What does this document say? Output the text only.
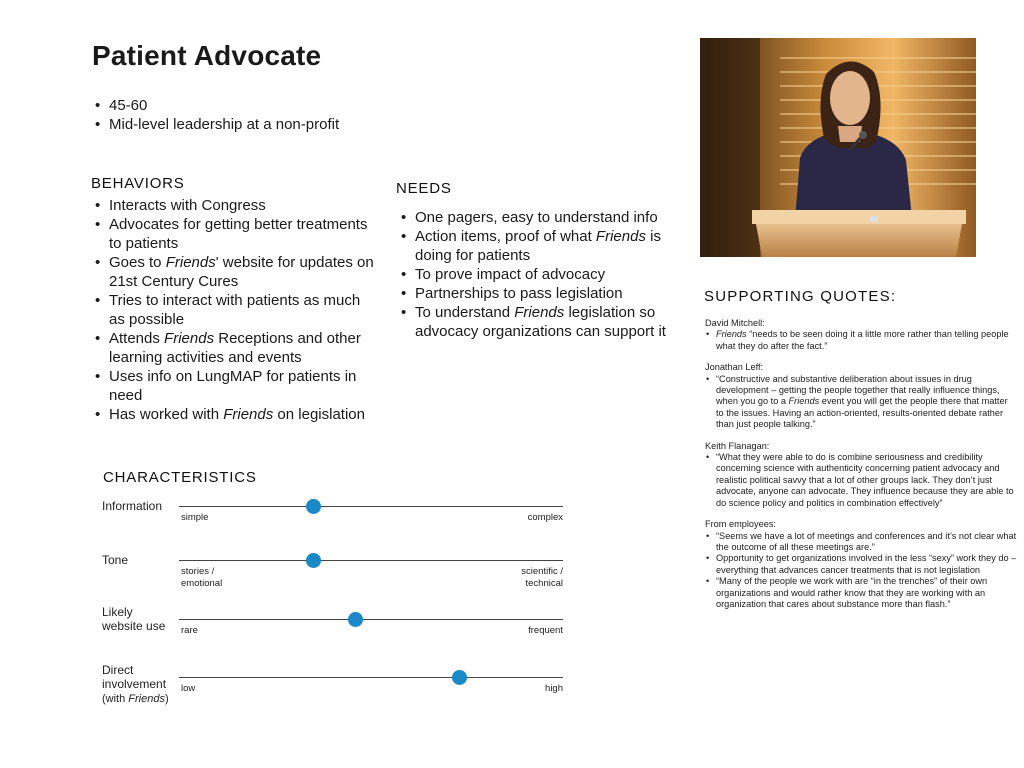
Patient Advocate
• 45-60
• Mid-level leadership at a non-profit
BEHAVIORS
• Interacts with Congress
• Advocates for getting better treatments to patients
• Goes to Friends' website for updates on 21st Century Cures
• Tries to interact with patients as much as possible
• Attends Friends Receptions and other learning activities and events
• Uses info on LungMAP for patients in need
• Has worked with Friends on legislation
NEEDS
• One pagers, easy to understand info
• Action items, proof of what Friends is doing for patients
• To prove impact of advocacy
• Partnerships to pass legislation
• To understand Friends legislation so advocacy organizations can support it
SUPPORTING QUOTES:
David Mitchell:
• Friends “needs to be seen doing it a little more rather than telling people what they do after the fact.”
Jonathan Leff:
• “Constructive and substantive deliberation about issues in drug development – getting the people together that really influence things, when you go to a Friends event you will get the people there that matter to the issues. Having an action-oriented, results-oriented debate rather than just people talking.”
Keith Flanagan:
• “What they were able to do is combine seriousness and credibility concerning science with authenticity concerning patient advocacy and realistic political savvy that a lot of other groups lack. They don’t just advocate, anyone can advocate. They influence because they are able to do science policy and politics in combination effectively”
From employees:
• “Seems we have a lot of meetings and conferences and it’s not clear what the outcome of all these meetings are.”
• Opportunity to get organizations involved in the less “sexy” work they do – everything that advances cancer treatments that is not legislation
• “Many of the people we work with are “in the trenches” of their own organizations and would rather know that they are working with an organization that cares about substance more than flash.”
CHARACTERISTICS
Information
simple	complex
Tone
stories /
emotional
scientific /
technical
Likely
website use rare	frequent
Direct
involvement
(with Friends)
low	high
